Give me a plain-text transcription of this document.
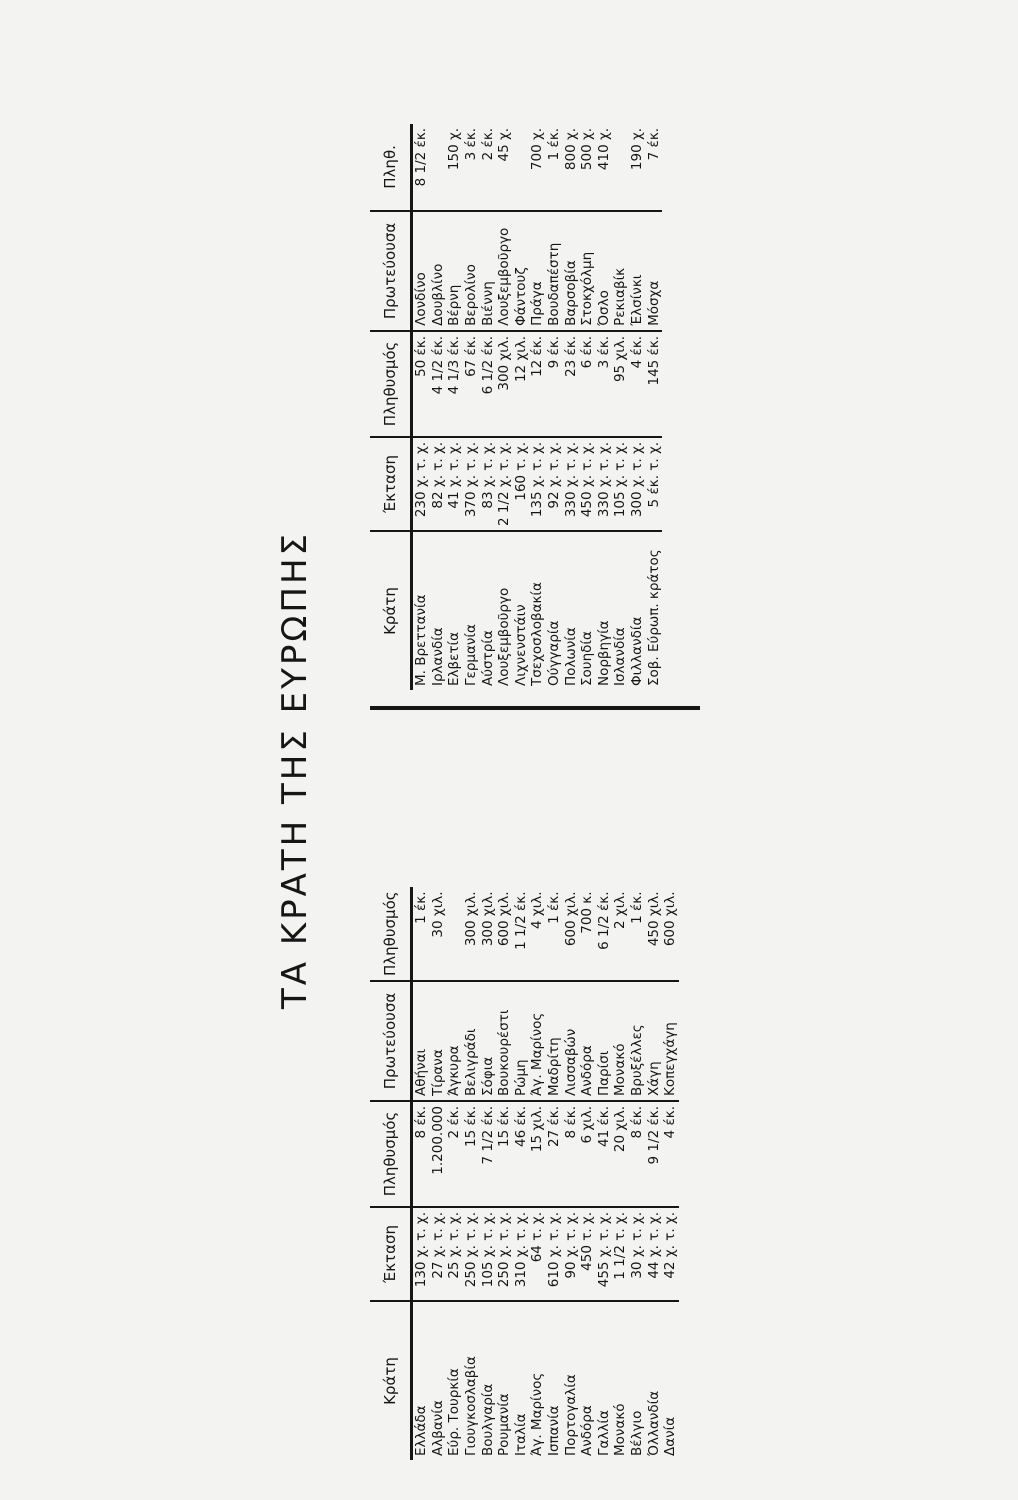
ΤΑ ΚΡΑΤΗ ΤΗΣ ΕΥΡΩΠΗΣ
Κράτη	Έκταση	Πληθυσμός	Πρωτεύουσα	Πληθυσμός
Ελλάδα	130 χ. τ. χ.	8 έκ.	Αθήναι	1 έκ.
Αλβανία	27 χ. τ. χ.	1.200.000	Τίρανα	30 χιλ.
Εύρ. Τουρκία	25 χ. τ. χ.	2 έκ.	Άγκυρα	
Γιουγκοσλαβία	250 χ. τ. χ.	15 έκ.	Βελιγράδι	300 χιλ.
Βουλγαρία	105 χ. τ. χ.	7 1/2 έκ.	Σόφια	300 χιλ.
Ρουμανία	250 χ. τ. χ.	15 έκ.	Βουκουρέστι	600 χιλ.
Ιταλία	310 χ. τ. χ.	46 έκ.	Ρώμη	1 1/2 έκ.
Άγ. Μαρίνος	64 τ. χ.	15 χιλ.	Άγ. Μαρίνος	4 χιλ.
Ισπανία	610 χ. τ. χ.	27 έκ.	Μαδρίτη	1 έκ.
Πορτογαλία	90 χ. τ. χ.	8 έκ.	Λισσαβών	600 χιλ.
Ανδόρα	450 τ. χ.	6 χιλ.	Ανδόρα	700 κ.
Γαλλία	455 χ. τ. χ.	41 έκ.	Παρίσι	6 1/2 έκ.
Μονακό	1 1/2 τ. χ.	20 χιλ.	Μονακό	2 χιλ.
Βέλγιο	30 χ. τ. χ.	8 έκ.	Βρυξέλλες	1 έκ.
Όλλανδία	44 χ. τ. χ.	9 1/2 έκ.	Χάγη	450 χιλ.
Δανία	42 χ. τ. χ.	4 έκ.	Κοπεγχάγη	600 χιλ.
Κράτη	Έκταση	Πληθυσμός	Πρωτεύουσα	Πληθ.
Μ. Βρεττανία	230 χ. τ. χ.	50 έκ.	Λονδίνο	8 1/2 έκ.
Ιρλανδία	82 χ. τ. χ.	4 1/2 έκ.	Δουβλίνο	
Ελβετία	41 χ. τ. χ.	4 1/3 έκ.	Βέρνη	150 χ.
Γερμανία	370 χ. τ. χ.	67 έκ.	Βερολίνο	3 έκ.
Αύστρία	83 χ. τ. χ.	6 1/2 έκ.	Βιέννη	2 έκ.
Λουξεμβοῦργο	2 1/2 χ. τ. χ.	300 χιλ.	Λουξεμβοῦργο	45 χ.
Λιχνενστάιν	160 τ. χ.	12 χιλ.	Φάντουζ	
Τσεχοσλοβακία	135 χ. τ. χ.	12 έκ.	Πράγα	700 χ.
Ούγγαρία	92 χ. τ. χ.	9 έκ.	Βουδαπέστη	1 έκ.
Πολωνία	330 χ. τ. χ.	23 έκ.	Βαρσοβία	800 χ.
Σουηδία	450 χ. τ. χ.	6 έκ.	Στοκχόλμη	500 χ.
Νορβηγία	330 χ. τ. χ.	3 έκ.	Όσλο	410 χ.
Ισλανδία	105 χ. τ. χ.	95 χιλ.	Ρεκιαβίκ	
Φιλλανδία	300 χ. τ. χ.	4 έκ.	Έλσίνκι	190 χ.
Σοβ. Εύρωπ. κράτος	5 έκ. τ. χ.	145 έκ.	Μόσχα	7 έκ.
